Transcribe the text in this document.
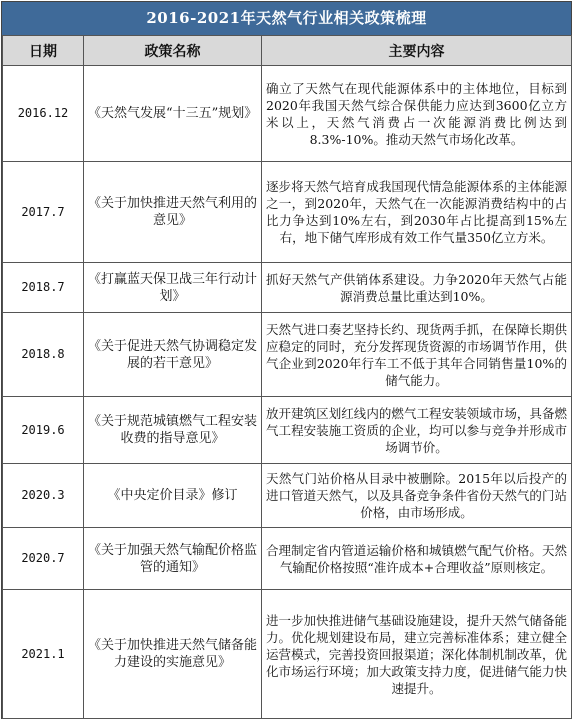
2016-2021年天然气行业相关政策梳理
日期	政策名称	主要内容
2016.12	《天然气发展“十三五”规划》	确立了天然气在现代能源体系中的主体地位，目标到2020年我国天然气综合保供能力应达到3600亿立方米以上，天然气消费占一次能源消费比例达到8.3%-10%。推动天然气市场化改革。
2017.7	《关于加快推进天然气利用的意见》	逐步将天然气培育成我国现代情急能源体系的主体能源之一，到2020年，天然气在一次能源消费结构中的占比力争达到10%左右，到2030年占比提高到15%左右，地下储气库形成有效工作气量350亿立方米。
2018.7	《打赢蓝天保卫战三年行动计划》	抓好天然气产供销体系建设。力争2020年天然气占能源消费总量比重达到10%。
2018.8	《关于促进天然气协调稳定发展的若干意见》	天然气进口奏艺坚持长约、现货两手抓，在保障长期供应稳定的同时，充分发挥现货资源的市场调节作用，供气企业到2020年行车工不低于其年合同销售量10%的储气能力。
2019.6	《关于规范城镇燃气工程安装收费的指导意见》	放开建筑区划红线内的燃气工程安装领域市场，具备燃气工程安装施工资质的企业，均可以参与竞争并形成市场调节价。
2020.3	《中央定价目录》修订	天然气门站价格从目录中被删除。2015年以后投产的进口管道天然气，以及具备竞争条件省份天然气的门站价格，由市场形成。
2020.7	《关于加强天然气输配价格监管的通知》	合理制定省内管道运输价格和城镇燃气配气价格。天然气输配价格按照“准许成本+合理收益”原则核定。
2021.1	《关于加快推进天然气储备能力建设的实施意见》	进一步加快推进储气基础设施建设，提升天然气储备能力。优化规划建设布局，建立完善标准体系；建立健全运营模式，完善投资回报渠道；深化体制机制改革，优化市场运行环境；加大政策支持力度，促进储气能力快速提升。
